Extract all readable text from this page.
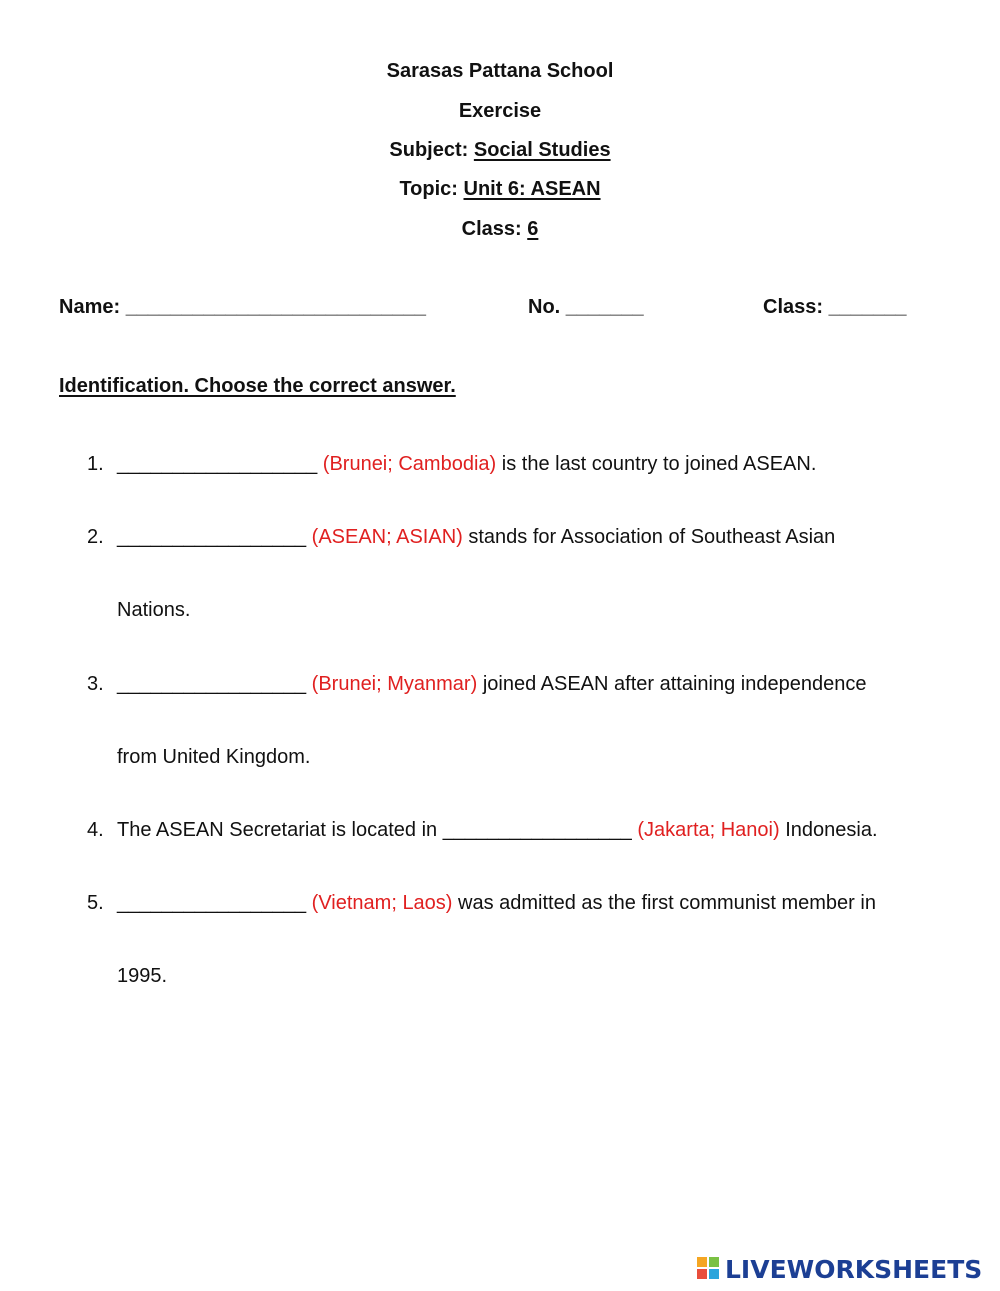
Sarasas Pattana School
Exercise
Subject: Social Studies
Topic: Unit 6: ASEAN
Class: 6
Name: ___________________________	No. _______	Class: _______
Identification. Choose the correct answer.

1.

__________________ (Brunei; Cambodia) is the last country to joined ASEAN.

2.

_________________ (ASEAN; ASIAN) stands for Association of Southeast Asian

Nations.

3.

_________________ (Brunei; Myanmar) joined ASEAN after attaining independence

from United Kingdom.

4.

The ASEAN Secretariat is located in _________________ (Jakarta; Hanoi) Indonesia.

5.

_________________ (Vietnam; Laos) was admitted as the first communist member in

1995.

LIVEWORKSHEETS
